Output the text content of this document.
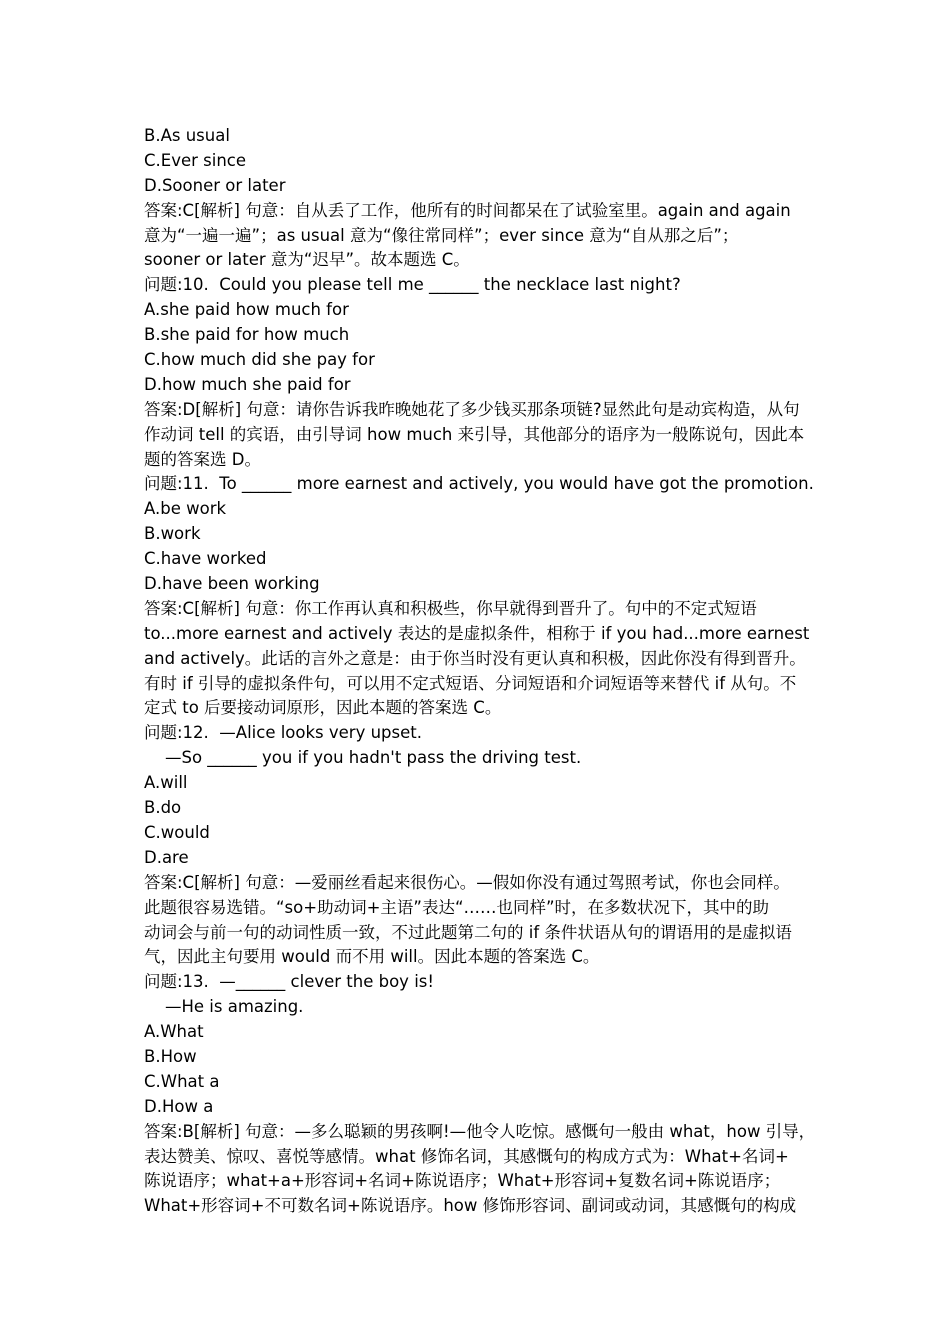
B.As usual
C.Ever since
D.Sooner or later
答案:C[解析] 句意：自从丢了工作，他所有的时间都呆在了试验室里。again and again
意为“一遍一遍”；as usual 意为“像往常同样”；ever since 意为“自从那之后”；
sooner or later 意为“迟早”。故本题选 C。
问题:10.  Could you please tell me ______ the necklace last night?
A.she paid how much for
B.she paid for how much
C.how much did she pay for
D.how much she paid for
答案:D[解析] 句意：请你告诉我昨晚她花了多少钱买那条项链?显然此句是动宾构造，从句
作动词 tell 的宾语，由引导词 how much 来引导，其他部分的语序为一般陈说句，因此本
题的答案选 D。
问题:11.  To ______ more earnest and actively, you would have got the promotion.
A.be work
B.work
C.have worked
D.have been working
答案:C[解析] 句意：你工作再认真和积极些，你早就得到晋升了。句中的不定式短语
to...more earnest and actively 表达的是虚拟条件，相称于 if you had...more earnest
and actively。此话的言外之意是：由于你当时没有更认真和积极，因此你没有得到晋升。
有时 if 引导的虚拟条件句，可以用不定式短语、分词短语和介词短语等来替代 if 从句。不
定式 to 后要接动词原形，因此本题的答案选 C。
问题:12.  —Alice looks very upset.
—So ______ you if you hadn't pass the driving test.
A.will
B.do
C.would
D.are
答案:C[解析] 句意：—爱丽丝看起来很伤心。—假如你没有通过驾照考试，你也会同样。
此题很容易选错。“so+助动词+主语”表达“……也同样”时，在多数状况下，其中的助
动词会与前一句的动词性质一致，不过此题第二句的 if 条件状语从句的谓语用的是虚拟语
气，因此主句要用 would 而不用 will。因此本题的答案选 C。
问题:13.  —______ clever the boy is!
—He is amazing.
A.What
B.How
C.What a
D.How a
答案:B[解析] 句意：—多么聪颖的男孩啊!—他令人吃惊。感慨句一般由 what，how 引导，
表达赞美、惊叹、喜悦等感情。what 修饰名词，其感慨句的构成方式为：What+名词+
陈说语序；what+a+形容词+名词+陈说语序；What+形容词+复数名词+陈说语序；
What+形容词+不可数名词+陈说语序。how 修饰形容词、副词或动词，其感慨句的构成
